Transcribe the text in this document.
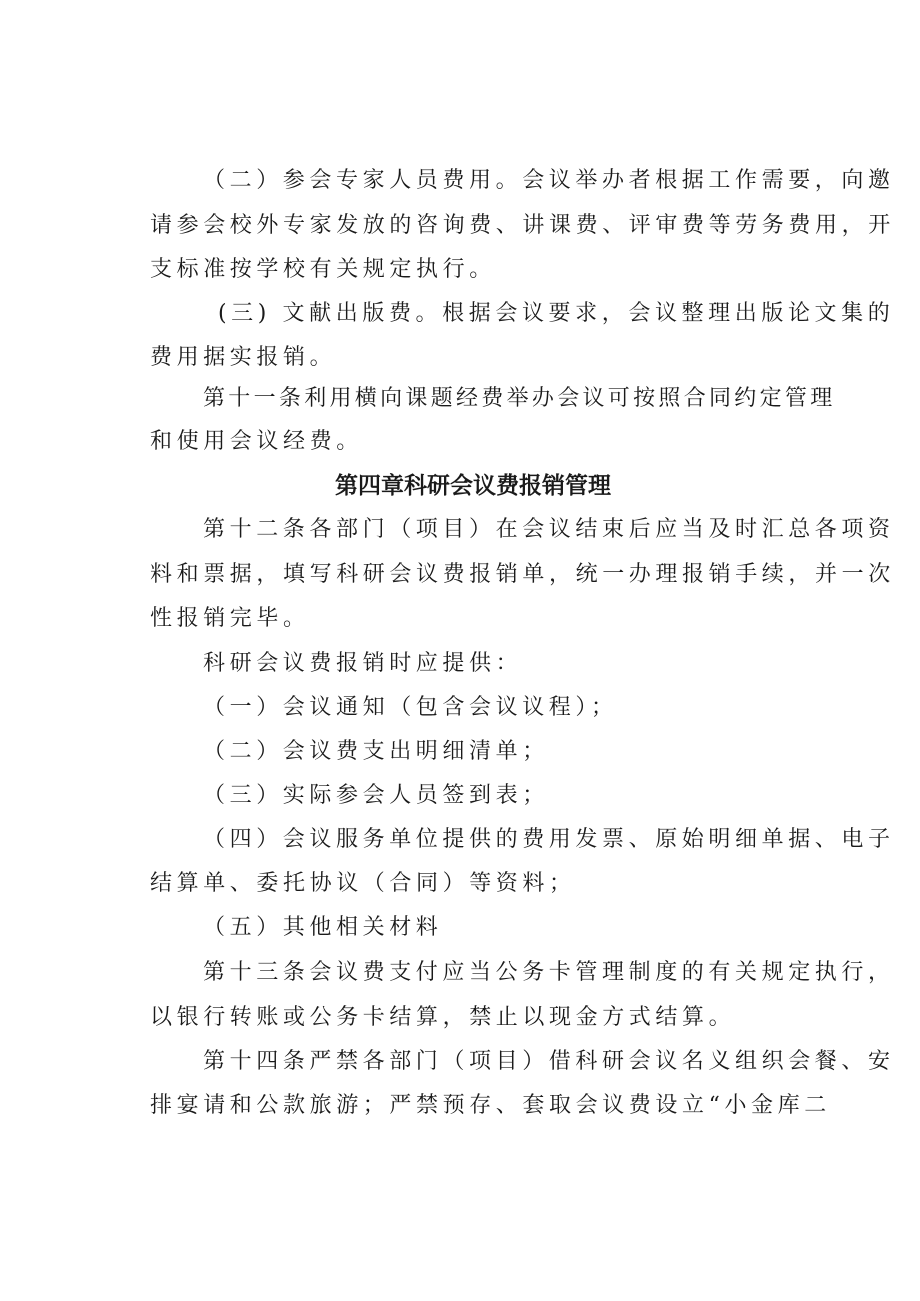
（二）参会专家人员费用。会议举办者根据工作需要，向邀
请参会校外专家发放的咨询费、讲课费、评审费等劳务费用，开
支标准按学校有关规定执行。
(三) 文献出版费。根据会议要求，会议整理出版论文集的
费用据实报销。
第十一条利用横向课题经费举办会议可按照合同约定管理
和使用会议经费。
第四章科研会议费报销管理
第十二条各部门（项目）在会议结束后应当及时汇总各项资
料和票据，填写科研会议费报销单，统一办理报销手续，并一次
性报销完毕。
科研会议费报销时应提供：
（一）会议通知（包含会议议程）；
（二）会议费支出明细清单；
（三）实际参会人员签到表；
（四）会议服务单位提供的费用发票、原始明细单据、电子
结算单、委托协议（合同）等资料；
（五）其他相关材料
第十三条会议费支付应当公务卡管理制度的有关规定执行，
以银行转账或公务卡结算，禁止以现金方式结算。
第十四条严禁各部门（项目）借科研会议名义组织会餐、安
排宴请和公款旅游；严禁预存、套取会议费设立“小金库二
